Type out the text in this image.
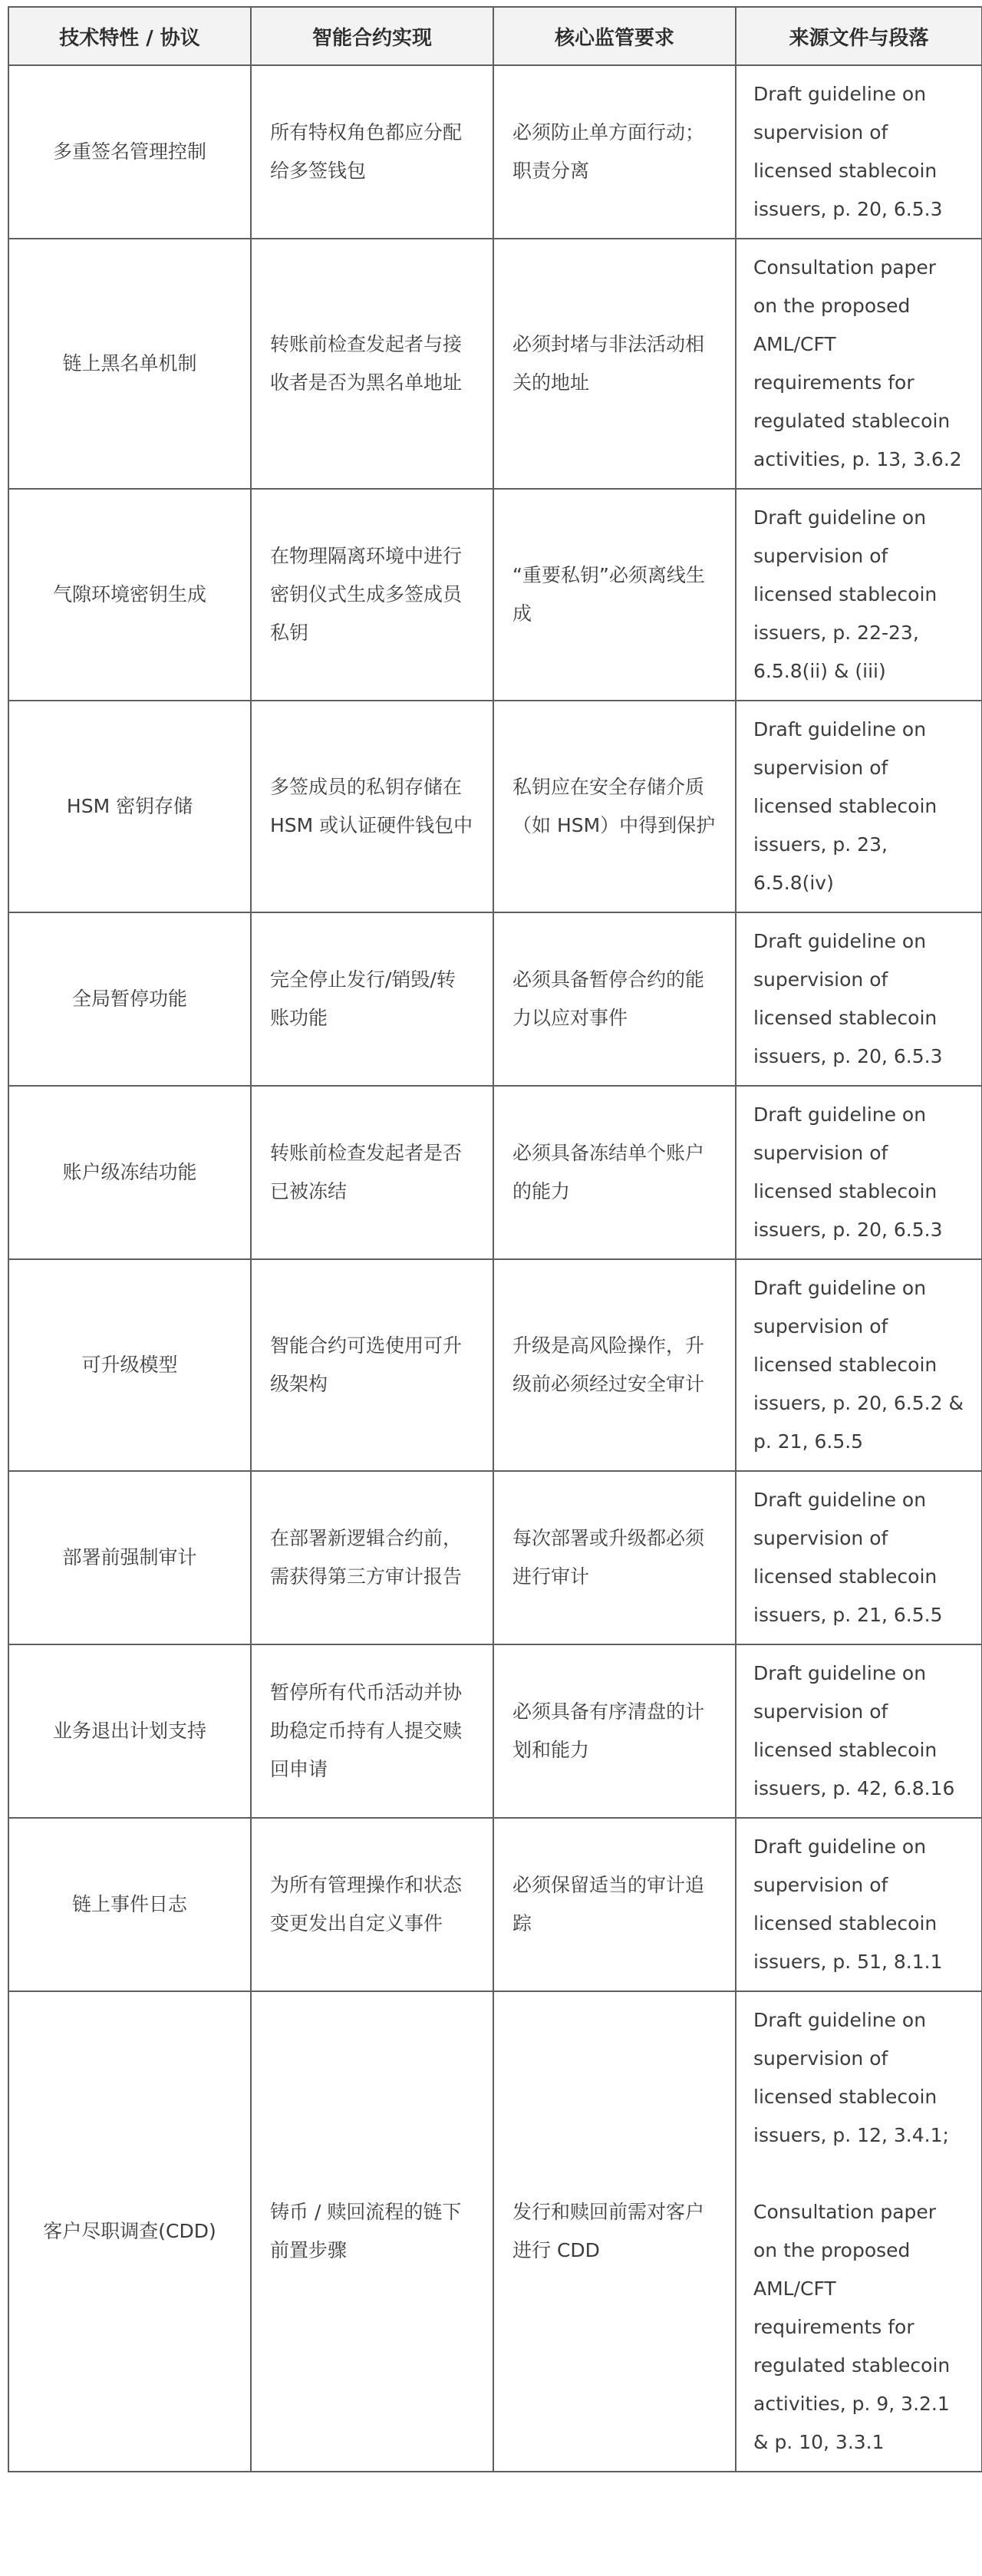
技术特性 / 协议	智能合约实现	核心监管要求	来源文件与段落
多重签名管理控制	所有特权角色都应分配给多签钱包	必须防止单方面行动；职责分离	Draft guideline on supervision of licensed stablecoin issuers, p. 20, 6.5.3

链上黑名单机制	转账前检查发起者与接收者是否为黑名单地址	必须封堵与非法活动相关的地址	Consultation paper on the proposed AML/CFT requirements for regulated stablecoin activities, p. 13, 3.6.2

气隙环境密钥生成	在物理隔离环境中进行密钥仪式生成多签成员私钥	“重要私钥”必须离线生成	Draft guideline on supervision of licensed stablecoin issuers, p. 22-23, 6.5.8(ii) & (iii)

HSM 密钥存储	多签成员的私钥存储在 HSM 或认证硬件钱包中	私钥应在安全存储介质（如 HSM）中得到保护	Draft guideline on supervision of licensed stablecoin issuers, p. 23, 6.5.8(iv)

全局暂停功能	完全停止发行/销毁/转账功能	必须具备暂停合约的能力以应对事件	Draft guideline on supervision of licensed stablecoin issuers, p. 20, 6.5.3

账户级冻结功能	转账前检查发起者是否已被冻结	必须具备冻结单个账户的能力	Draft guideline on supervision of licensed stablecoin issuers, p. 20, 6.5.3

可升级模型	智能合约可选使用可升级架构	升级是高风险操作，升级前必须经过安全审计	Draft guideline on supervision of licensed stablecoin issuers, p. 20, 6.5.2 & p. 21, 6.5.5

部署前强制审计	在部署新逻辑合约前，需获得第三方审计报告	每次部署或升级都必须进行审计	Draft guideline on supervision of licensed stablecoin issuers, p. 21, 6.5.5

业务退出计划支持	暂停所有代币活动并协助稳定币持有人提交赎回申请	必须具备有序清盘的计划和能力	Draft guideline on supervision of licensed stablecoin issuers, p. 42, 6.8.16

链上事件日志	为所有管理操作和状态变更发出自定义事件	必须保留适当的审计追踪	Draft guideline on supervision of licensed stablecoin issuers, p. 51, 8.1.1

客户尽职调查(CDD)	铸币 / 赎回流程的链下前置步骤	发行和赎回前需对客户进行 CDD	Draft guideline on supervision of licensed stablecoin issuers, p. 12, 3.4.1;
Consultation paper on the proposed AML/CFT requirements for regulated stablecoin activities, p. 9, 3.2.1 & p. 10, 3.3.1
